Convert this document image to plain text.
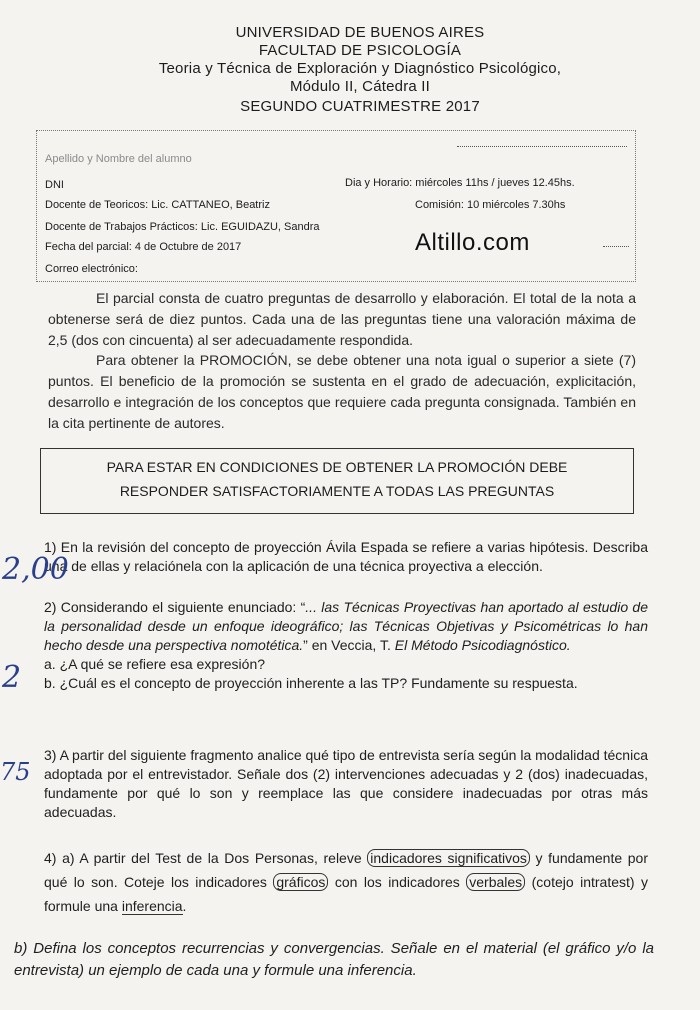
UNIVERSIDAD DE BUENOS AIRES
FACULTAD DE PSICOLOGÍA
Teoria y Técnica de Exploración y Diagnóstico Psicológico,
Módulo II, Cátedra II
SEGUNDO CUATRIMESTRE 2017
Apellido y Nombre del alumno
DNI
Docente de Teoricos: Lic. CATTANEO, Beatriz
Dia y Horario: miércoles 11hs / jueves 12.45hs.
Docente de Trabajos Prácticos: Lic. EGUIDAZU, Sandra
Comisión: 10 miércoles 7.30hs
Fecha del parcial: 4 de Octubre de 2017
Correo electrónico:
Altillo.com
El parcial consta de cuatro preguntas de desarrollo y elaboración. El total de la nota a obtenerse será de diez puntos. Cada una de las preguntas tiene una valoración máxima de 2,5 (dos con cincuenta) al ser adecuadamente respondida.
Para obtener la PROMOCIÓN, se debe obtener una nota igual o superior a siete (7) puntos. El beneficio de la promoción se sustenta en el grado de adecuación, explicitación, desarrollo e integración de los conceptos que requiere cada pregunta consignada. También en la cita pertinente de autores.
PARA ESTAR EN CONDICIONES DE OBTENER LA PROMOCIÓN DEBE
RESPONDER SATISFACTORIAMENTE A TODAS LAS PREGUNTAS
1) En la revisión del concepto de proyección Ávila Espada se refiere a varias hipótesis. Describa una de ellas y relaciónela con la aplicación de una técnica proyectiva a elección.
2) Considerando el siguiente enunciado: “... las Técnicas Proyectivas han aportado al estudio de la personalidad desde un enfoque ideográfico; las Técnicas Objetivas y Psicométricas lo han hecho desde una perspectiva nomotética.” en Veccia, T. El Método Psicodiagnóstico.
a. ¿A qué se refiere esa expresión?
b. ¿Cuál es el concepto de proyección inherente a las TP? Fundamente su respuesta.
3) A partir del siguiente fragmento analice qué tipo de entrevista sería según la modalidad técnica adoptada por el entrevistador. Señale dos (2) intervenciones adecuadas y 2 (dos) inadecuadas, fundamente por qué lo son y reemplace las que considere inadecuadas por otras más adecuadas.
4) a) A partir del Test de la Dos Personas, releve indicadores significativos y fundamente por qué lo son. Coteje los indicadores gráficos con los indicadores verbales (cotejo intratest) y formule una inferencia.
b) Defina los conceptos recurrencias y convergencias. Señale en el material (el gráfico y/o la entrevista) un ejemplo de cada una y formule una inferencia.
2,00
2
75
